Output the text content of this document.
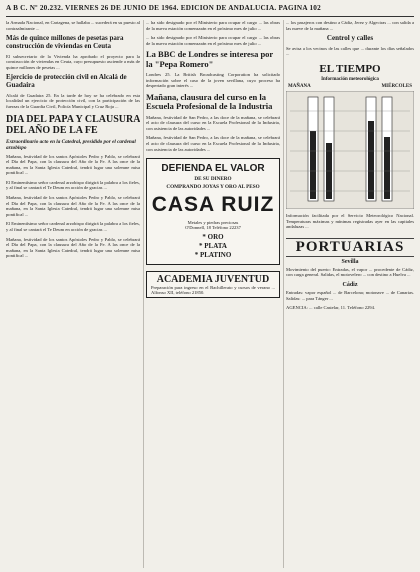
A B C. Nº 20.232. VIERNES 26 DE JUNIO DE 1964. EDICION DE ANDALUCIA. PAGINA 102

la Armada Nacional, en Cartagena, se hallaba ... sucederá en su puesto al contraalmirante ...

Más de quince millones de pesetas para construcción de viviendas en Ceuta

El subsecretario de la Vivienda ha aprobado el proyecto para la construcción de viviendas en Ceuta, cuyo presupuesto asciende a más de quince millones de pesetas ...

Ejercicio de protección civil en Alcalá de Guadaira

Alcalá de Guadaira 25. En la tarde de hoy se ha celebrado en esta localidad un ejercicio de protección civil, con la participación de las fuerzas de la Guardia Civil, Policía Municipal y Cruz Roja ...

DIA DEL PAPA Y CLAUSURA DEL AÑO DE LA FE
Extraordinario acto en la Catedral, presidido por el cardenal arzobispo

Mañana, festividad de los santos Apóstoles Pedro y Pablo, se celebrará el Día del Papa, con la clausura del Año de la Fe. A las once de la mañana, en la Santa Iglesia Catedral, tendrá lugar una solemne misa pontifical ...

El Eminentísimo señor cardenal arzobispo dirigirá la palabra a los fieles, y al final se cantará el Te Deum en acción de gracias ...

Mañana, festividad de los santos Apóstoles Pedro y Pablo, se celebrará el Día del Papa, con la clausura del Año de la Fe. A las once de la mañana, en la Santa Iglesia Catedral, tendrá lugar una solemne misa pontifical ...

El Eminentísimo señor cardenal arzobispo dirigirá la palabra a los fieles, y al final se cantará el Te Deum en acción de gracias ...

Mañana, festividad de los santos Apóstoles Pedro y Pablo, se celebrará el Día del Papa, con la clausura del Año de la Fe. A las once de la mañana, en la Santa Iglesia Catedral, tendrá lugar una solemne misa pontifical ...

... ha sido designado por el Ministerio para ocupar el cargo ... las obras de la nueva estación comenzarán en el próximo mes de julio ...

... ha sido designado por el Ministerio para ocupar el cargo ... las obras de la nueva estación comenzarán en el próximo mes de julio ...

La BBC de Londres se interesa por la "Pepa Romero"

Londres 25. La British Broadcasting Corporation ha solicitado información sobre el caso de la joven sevillana, cuyo proceso ha despertado gran interés ...

Mañana, clausura del curso en la Escuela Profesional de la Industria

Mañana, festividad de San Pedro, a las doce de la mañana, se celebrará el acto de clausura del curso en la Escuela Profesional de la Industria, con asistencia de las autoridades ...

Mañana, festividad de San Pedro, a las doce de la mañana, se celebrará el acto de clausura del curso en la Escuela Profesional de la Industria, con asistencia de las autoridades ...

DEFIENDA EL VALOR
DE SU DINERO
COMPRANDO JOYAS Y ORO AL PESO
CASA RUIZ
Metales y piedras preciosas
O'Donnell, 18 Teléfono 22237
* ORO
* PLATA
* PLATINO
ACADEMIA JUVENTUD
Preparación para ingreso en el Bachillerato y cursos de verano ... Alfonso XII, teléfono 21850.

... los pasajeros con destino a Cádiz, Jerez y Algeciras ... con salida a las nueve de la mañana ...

Centrol y calles

Se avisa a los vecinos de las calles que ... durante los días señalados ...

EL TIEMPO
Información meteorológica
MAÑANA	MIÉRCOLES

Información facilitada por el Servicio Meteorológico Nacional. Temperaturas máximas y mínimas registradas ayer en las capitales andaluzas ...

PORTUARIAS
Sevilla

Movimiento del puerto: Entradas, el vapor ... procedente de Cádiz, con carga general. Salidas, el motovelero ... con destino a Huelva ...

Cádiz

Entradas: vapor español ... de Barcelona; motonave ... de Canarias. Salidas: ... para Tánger ...

AGENCIA: ... calle Castelar, 11. Teléfono 2294.
